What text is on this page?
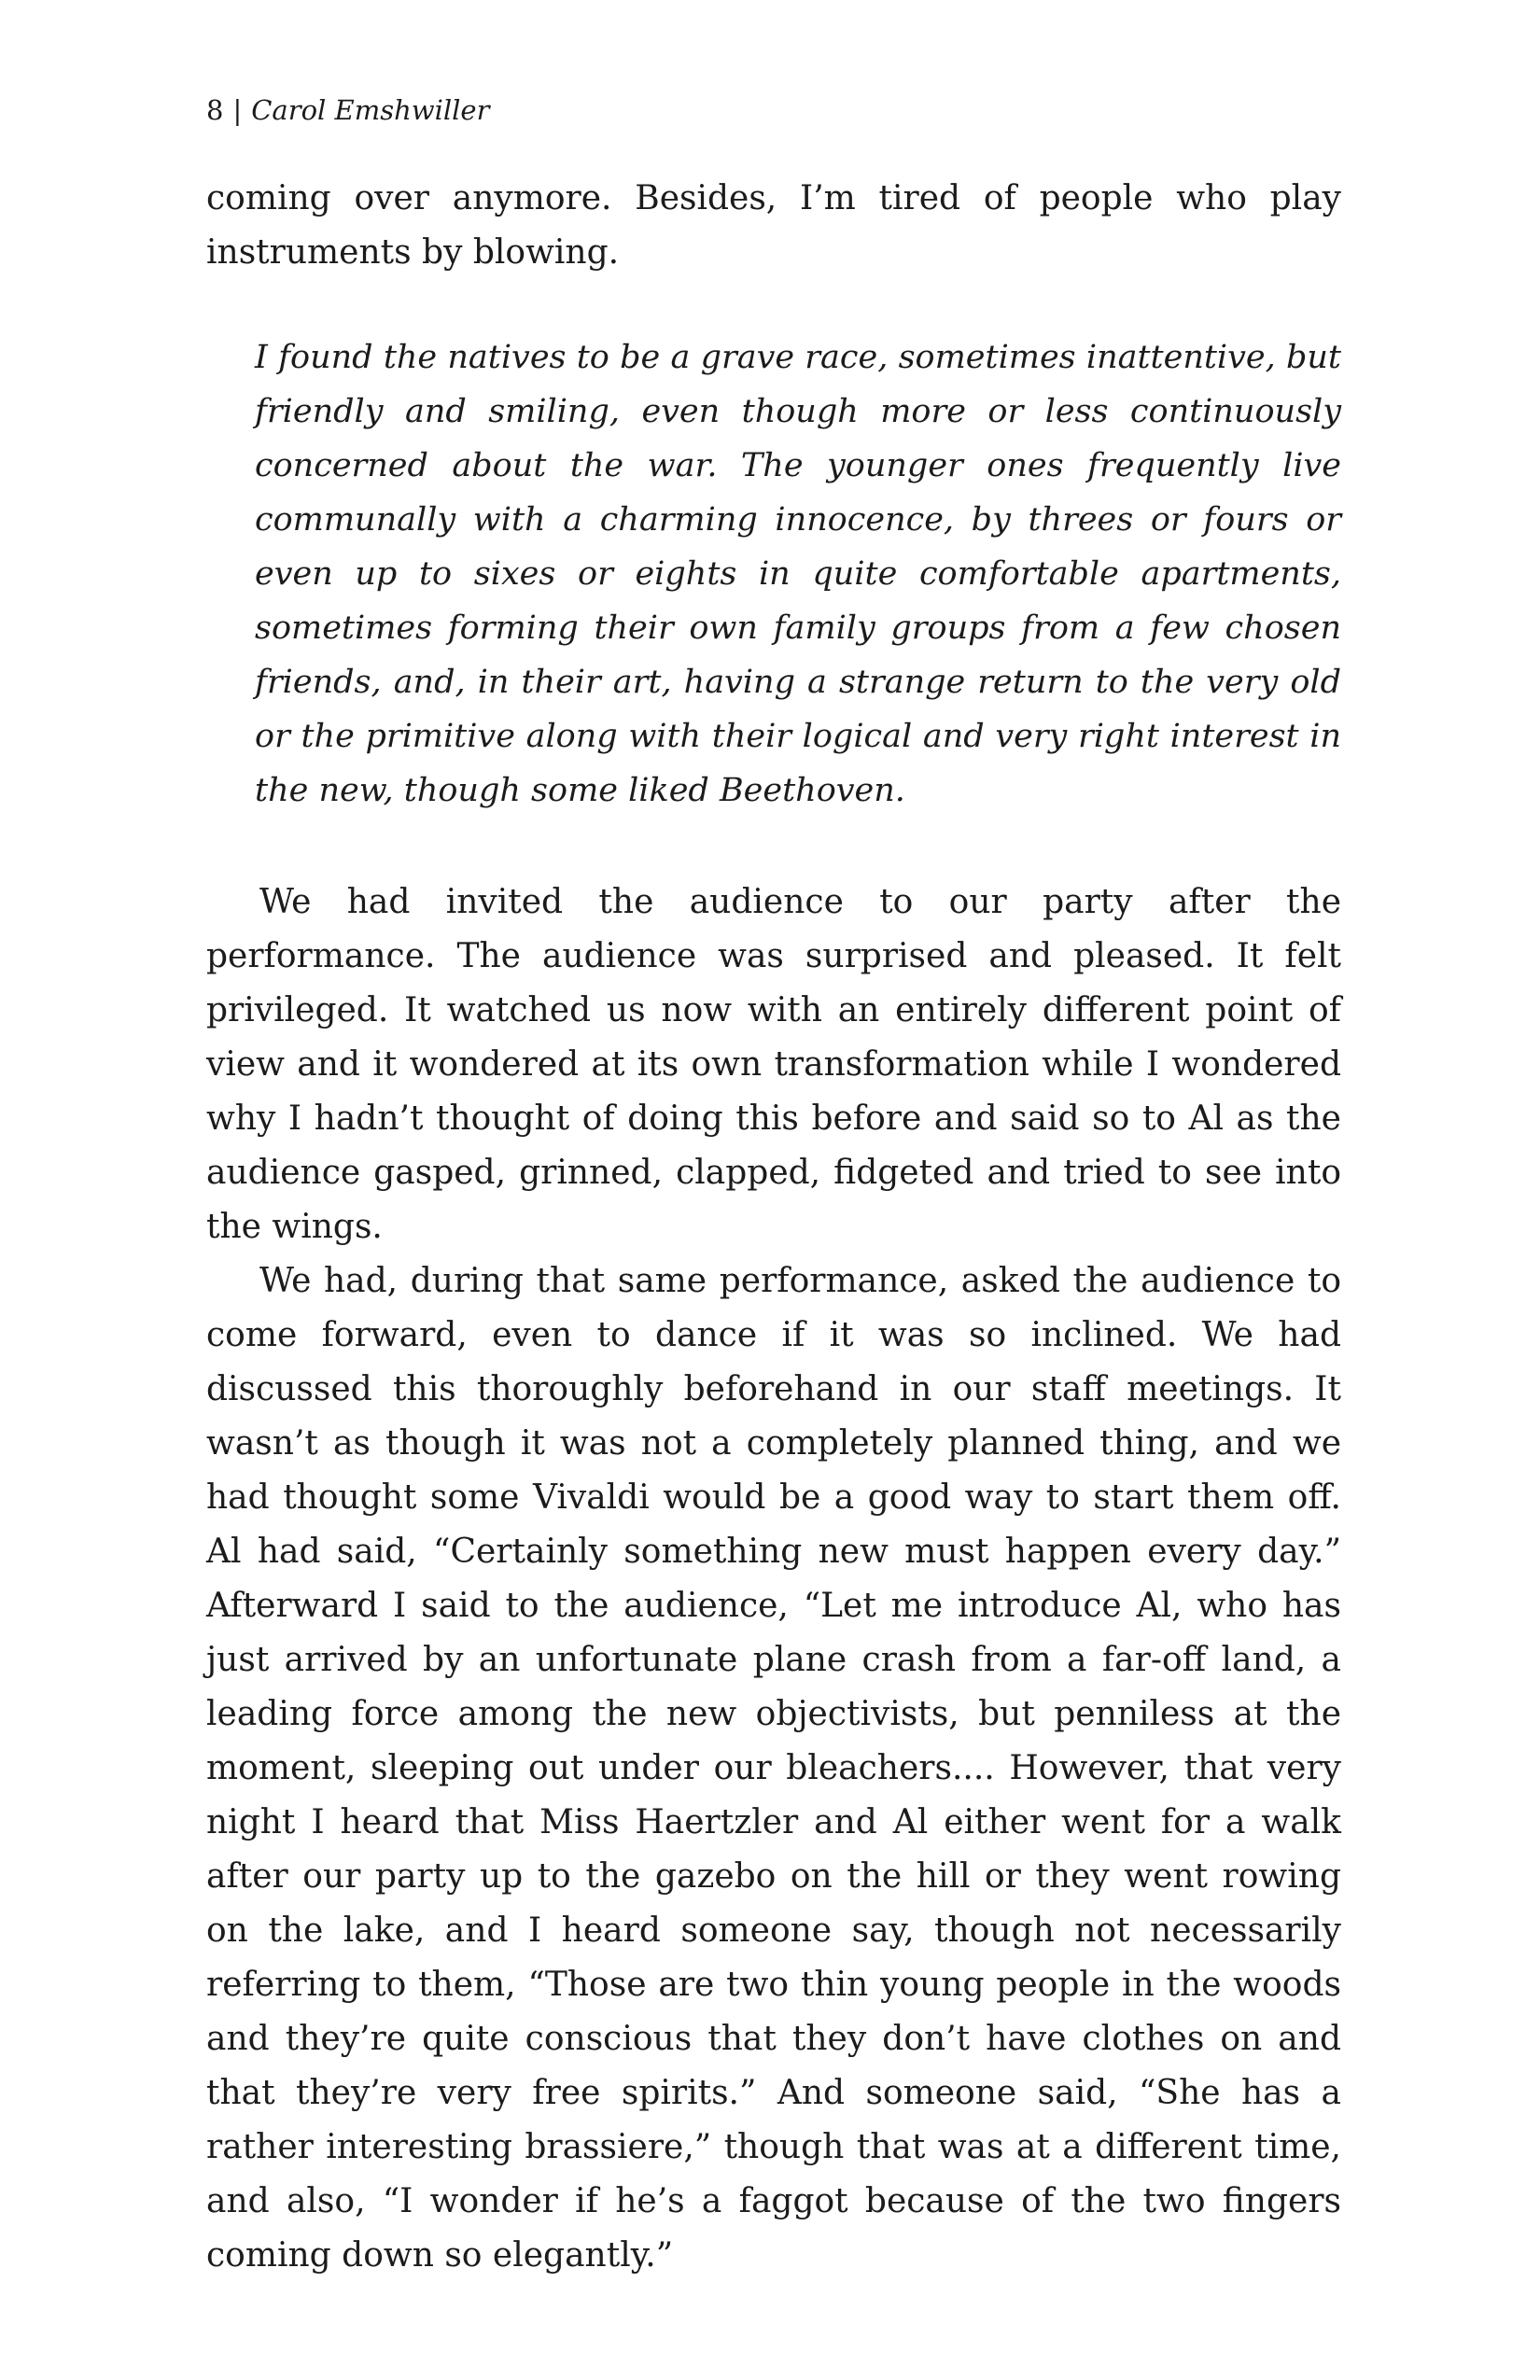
8 | Carol Emshwiller

coming over anymore. Besides, I’m tired of people who play instruments by blowing.

I found the natives to be a grave race, sometimes inattentive, but friendly and smiling, even though more or less continuously concerned about the war. The younger ones frequently live communally with a charming innocence, by threes or fours or even up to sixes or eights in quite comfortable apartments, sometimes forming their own family groups from a few chosen friends, and, in their art, having a strange return to the very old or the primitive along with their logical and very right interest in the new, though some liked Beethoven.

We had invited the audience to our party after the performance. The audience was surprised and pleased. It felt privileged. It watched us now with an entirely different point of view and it wondered at its own transformation while I wondered why I hadn’t thought of doing this before and said so to Al as the audience gasped, grinned, clapped, fidgeted and tried to see into the wings.

We had, during that same performance, asked the audience to come forward, even to dance if it was so inclined. We had discussed this thoroughly beforehand in our staff meetings. It wasn’t as though it was not a completely planned thing, and we had thought some Vivaldi would be a good way to start them off. Al had said, “Certainly something new must happen every day.” Afterward I said to the audience, “Let me introduce Al, who has just arrived by an unfortunate plane crash from a far-off land, a leading force among the new objectivists, but penniless at the moment, sleeping out under our bleachers.... However, that very night I heard that Miss Haertzler and Al either went for a walk after our party up to the gazebo on the hill or they went rowing on the lake, and I heard someone say, though not necessarily referring to them, “Those are two thin young people in the woods and they’re quite conscious that they don’t have clothes on and that they’re very free spirits.” And someone said, “She has a rather interesting brassiere,” though that was at a different time, and also, “I wonder if he’s a faggot because of the two fingers coming down so elegantly.”
